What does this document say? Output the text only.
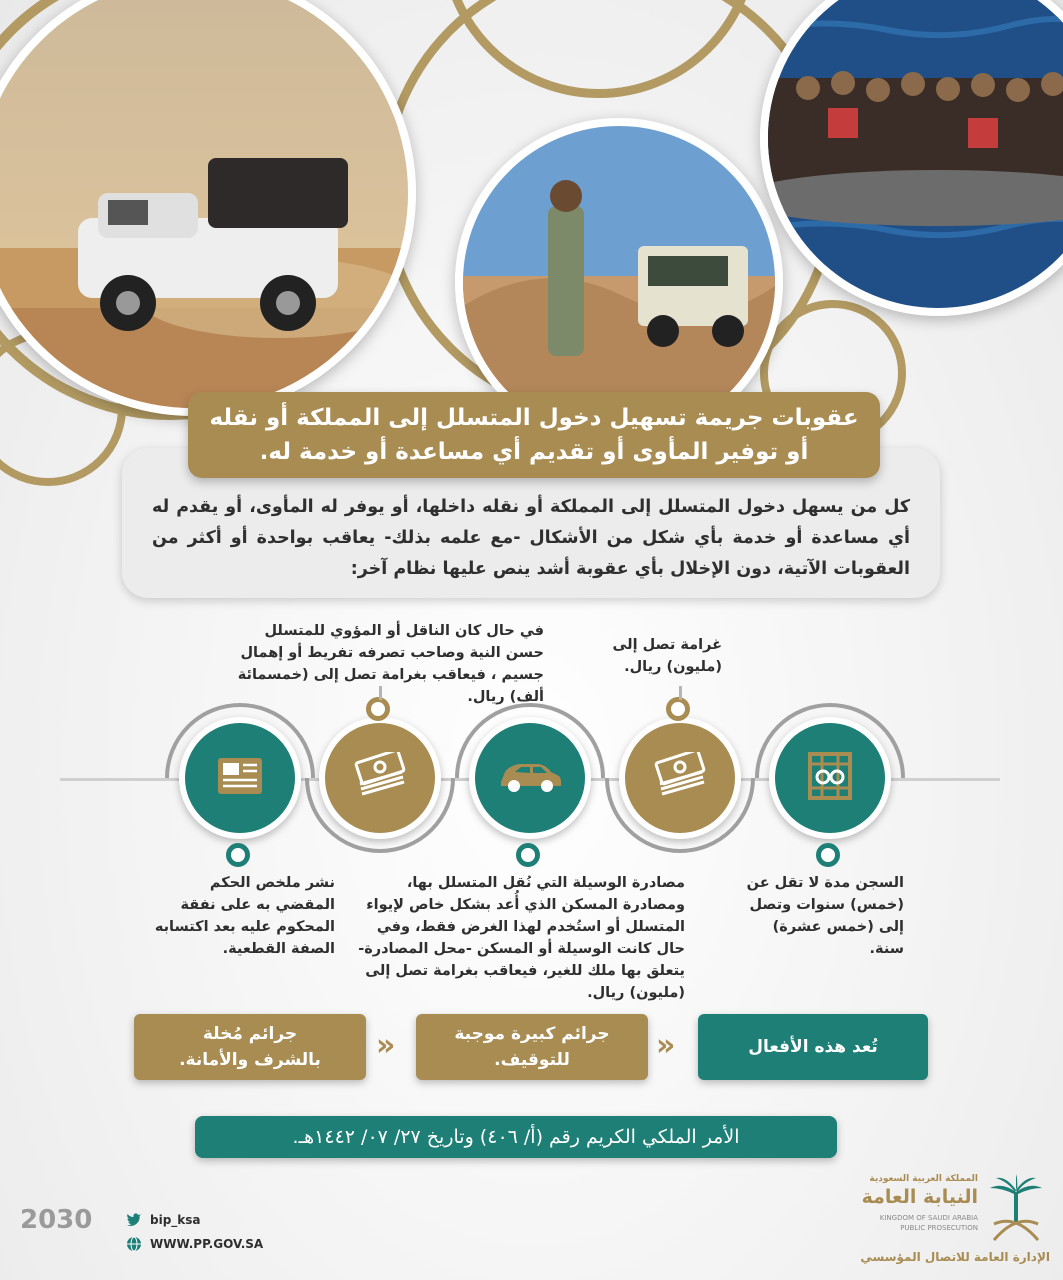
عقوبات جريمة تسهيل دخول المتسلل إلى المملكة أو نقله
أو توفير المأوى أو تقديم أي مساعدة أو خدمة له.
كل من يسهل دخول المتسلل إلى المملكة أو نقله داخلها، أو يوفر له المأوى، أو يقدم له أي مساعدة أو خدمة بأي شكل من الأشكال -مع علمه بذلك- يعاقب بواحدة أو أكثر من العقوبات الآتية، دون الإخلال بأي عقوبة أشد ينص عليها نظام آخر:
السجن مدة لا تقل عن (خمس) سنوات وتصل إلى (خمس عشرة) سنة.
غرامة تصل إلى (مليون) ريال.
مصادرة الوسيلة التي نُقل المتسلل بها، ومصادرة المسكن الذي أُعد بشكل خاص لإيواء المتسلل أو استُخدم لهذا الغرض فقط، وفي حال كانت الوسيلة أو المسكن -محل المصادرة- يتعلق بها ملك للغير، فيعاقب بغرامة تصل إلى (مليون) ريال.
في حال كان الناقل أو المؤوي للمتسلل حسن النية وصاحب تصرفه تفريط أو إهمال جسيم ، فيعاقب بغرامة تصل إلى (خمسمائة ألف) ريال.
نشر ملخص الحكم المقضي به على نفقة المحكوم عليه بعد اكتسابه الصفة القطعية.
تُعد هذه الأفعال
«
جرائم كبيرة موجبة للتوقيف.
«
جرائم مُخلة بالشرف والأمانة.
الأمر الملكي الكريم رقم (أ/ ٤٠٦) وتاريخ ٢٧/ ٠٧/ ١٤٤٢هـ.
2030	bip_ksa
WWW.PP.GOV.SA
المملكة العربية السعودية
النيابة العامة
KINGDOM OF SAUDI ARABIA
PUBLIC PROSECUTION
الإدارة العامة للاتصال المؤسسي
